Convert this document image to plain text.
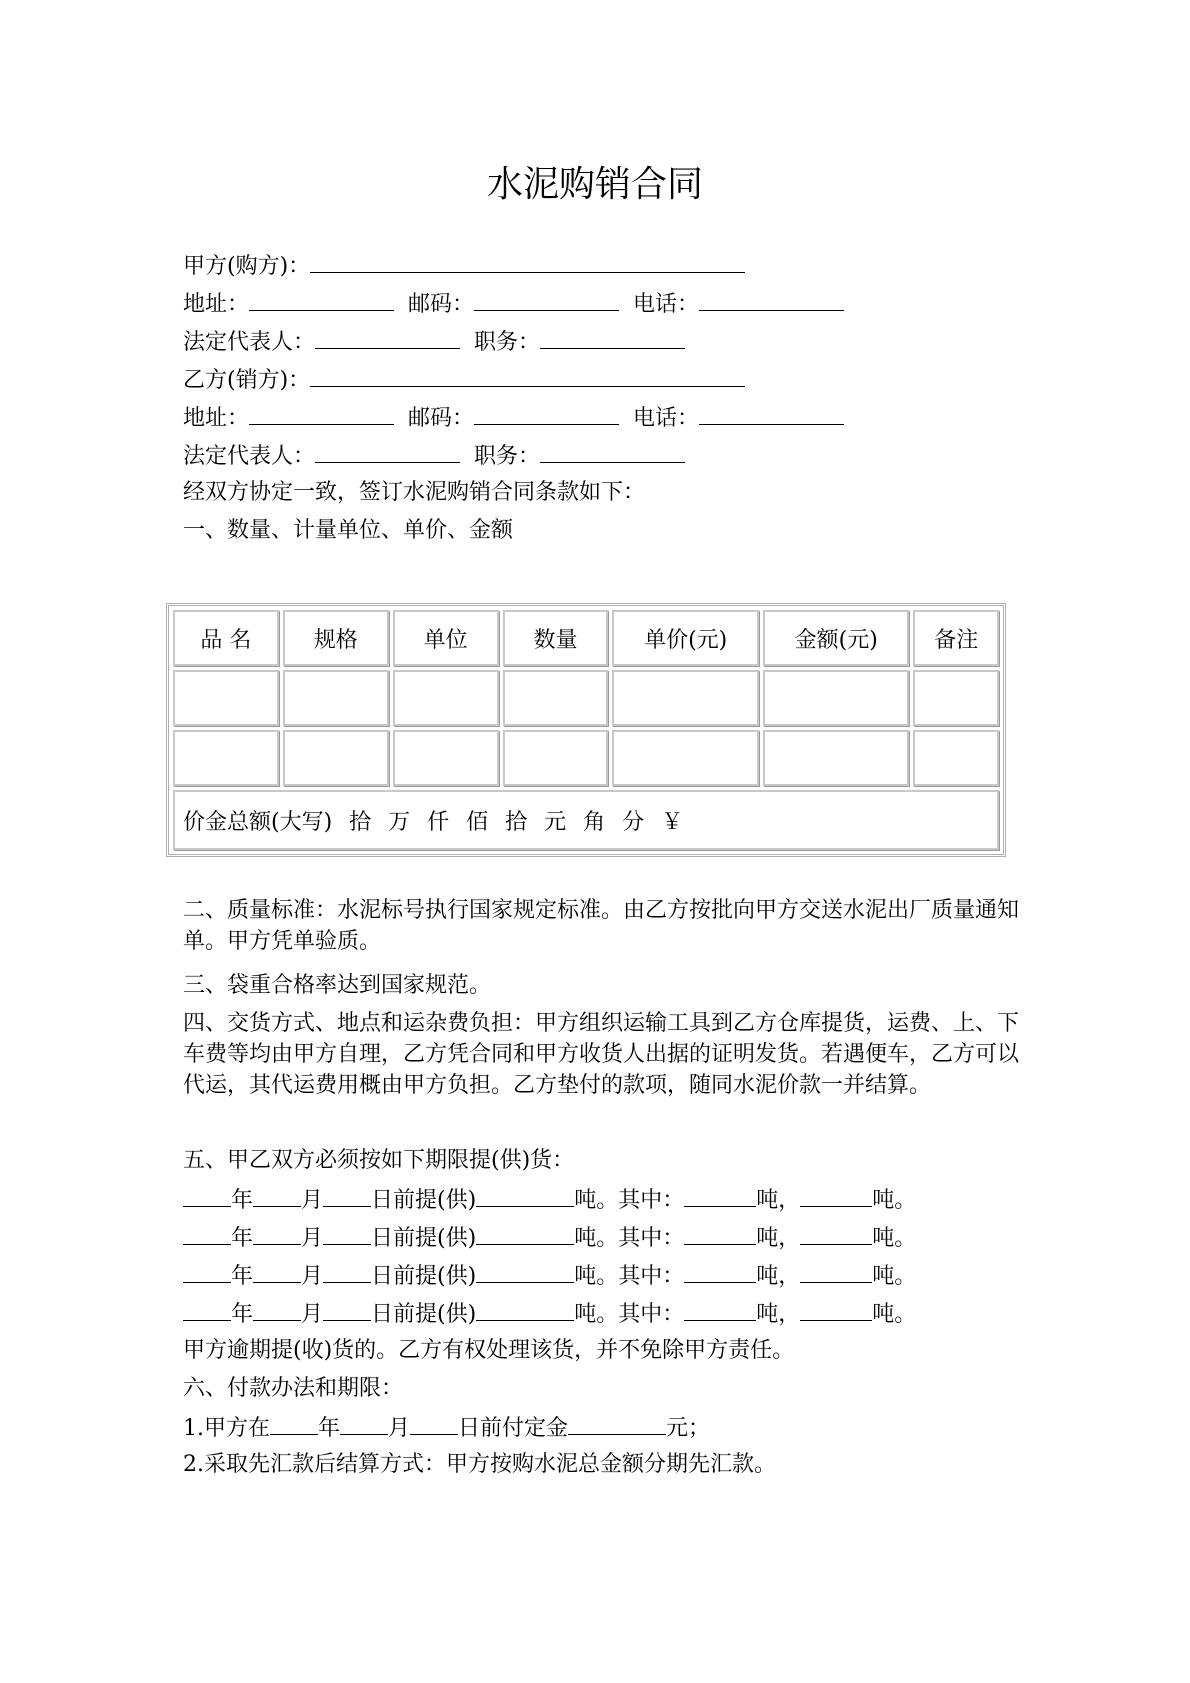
水泥购销合同
甲方(购方)：
地址：	邮码：	电话：
法定代表人：	职务：
乙方(销方)：
地址：	邮码：	电话：
法定代表人：	职务：
经双方协定一致，签订水泥购销合同条款如下：
一、数量、计量单位、单价、金额
品 名	规格	单位	数量	单价(元)	金额(元)	备注

价金总额(大写) 拾 万 仟 佰 拾 元 角 分 ￥						
二、质量标准：水泥标号执行国家规定标准。由乙方按批向甲方交送水泥出厂质量通知单。甲方凭单验质。
三、袋重合格率达到国家规范。
四、交货方式、地点和运杂费负担：甲方组织运输工具到乙方仓库提货，运费、上、下车费等均由甲方自理，乙方凭合同和甲方收货人出据的证明发货。若遇便车，乙方可以代运，其代运费用概由甲方负担。乙方垫付的款项，随同水泥价款一并结算。
五、甲乙双方必须按如下期限提(供)货：
年 月 日前提(供)	吨。其中：	吨，	吨。
年 月 日前提(供)	吨。其中：	吨，	吨。
年 月 日前提(供)	吨。其中：	吨，	吨。
年 月 日前提(供)	吨。其中：	吨，	吨。
甲方逾期提(收)货的。乙方有权处理该货，并不免除甲方责任。
六、付款办法和期限：
1.甲方在 年 月 日前付定金	元；
2.采取先汇款后结算方式：甲方按购水泥总金额分期先汇款。
